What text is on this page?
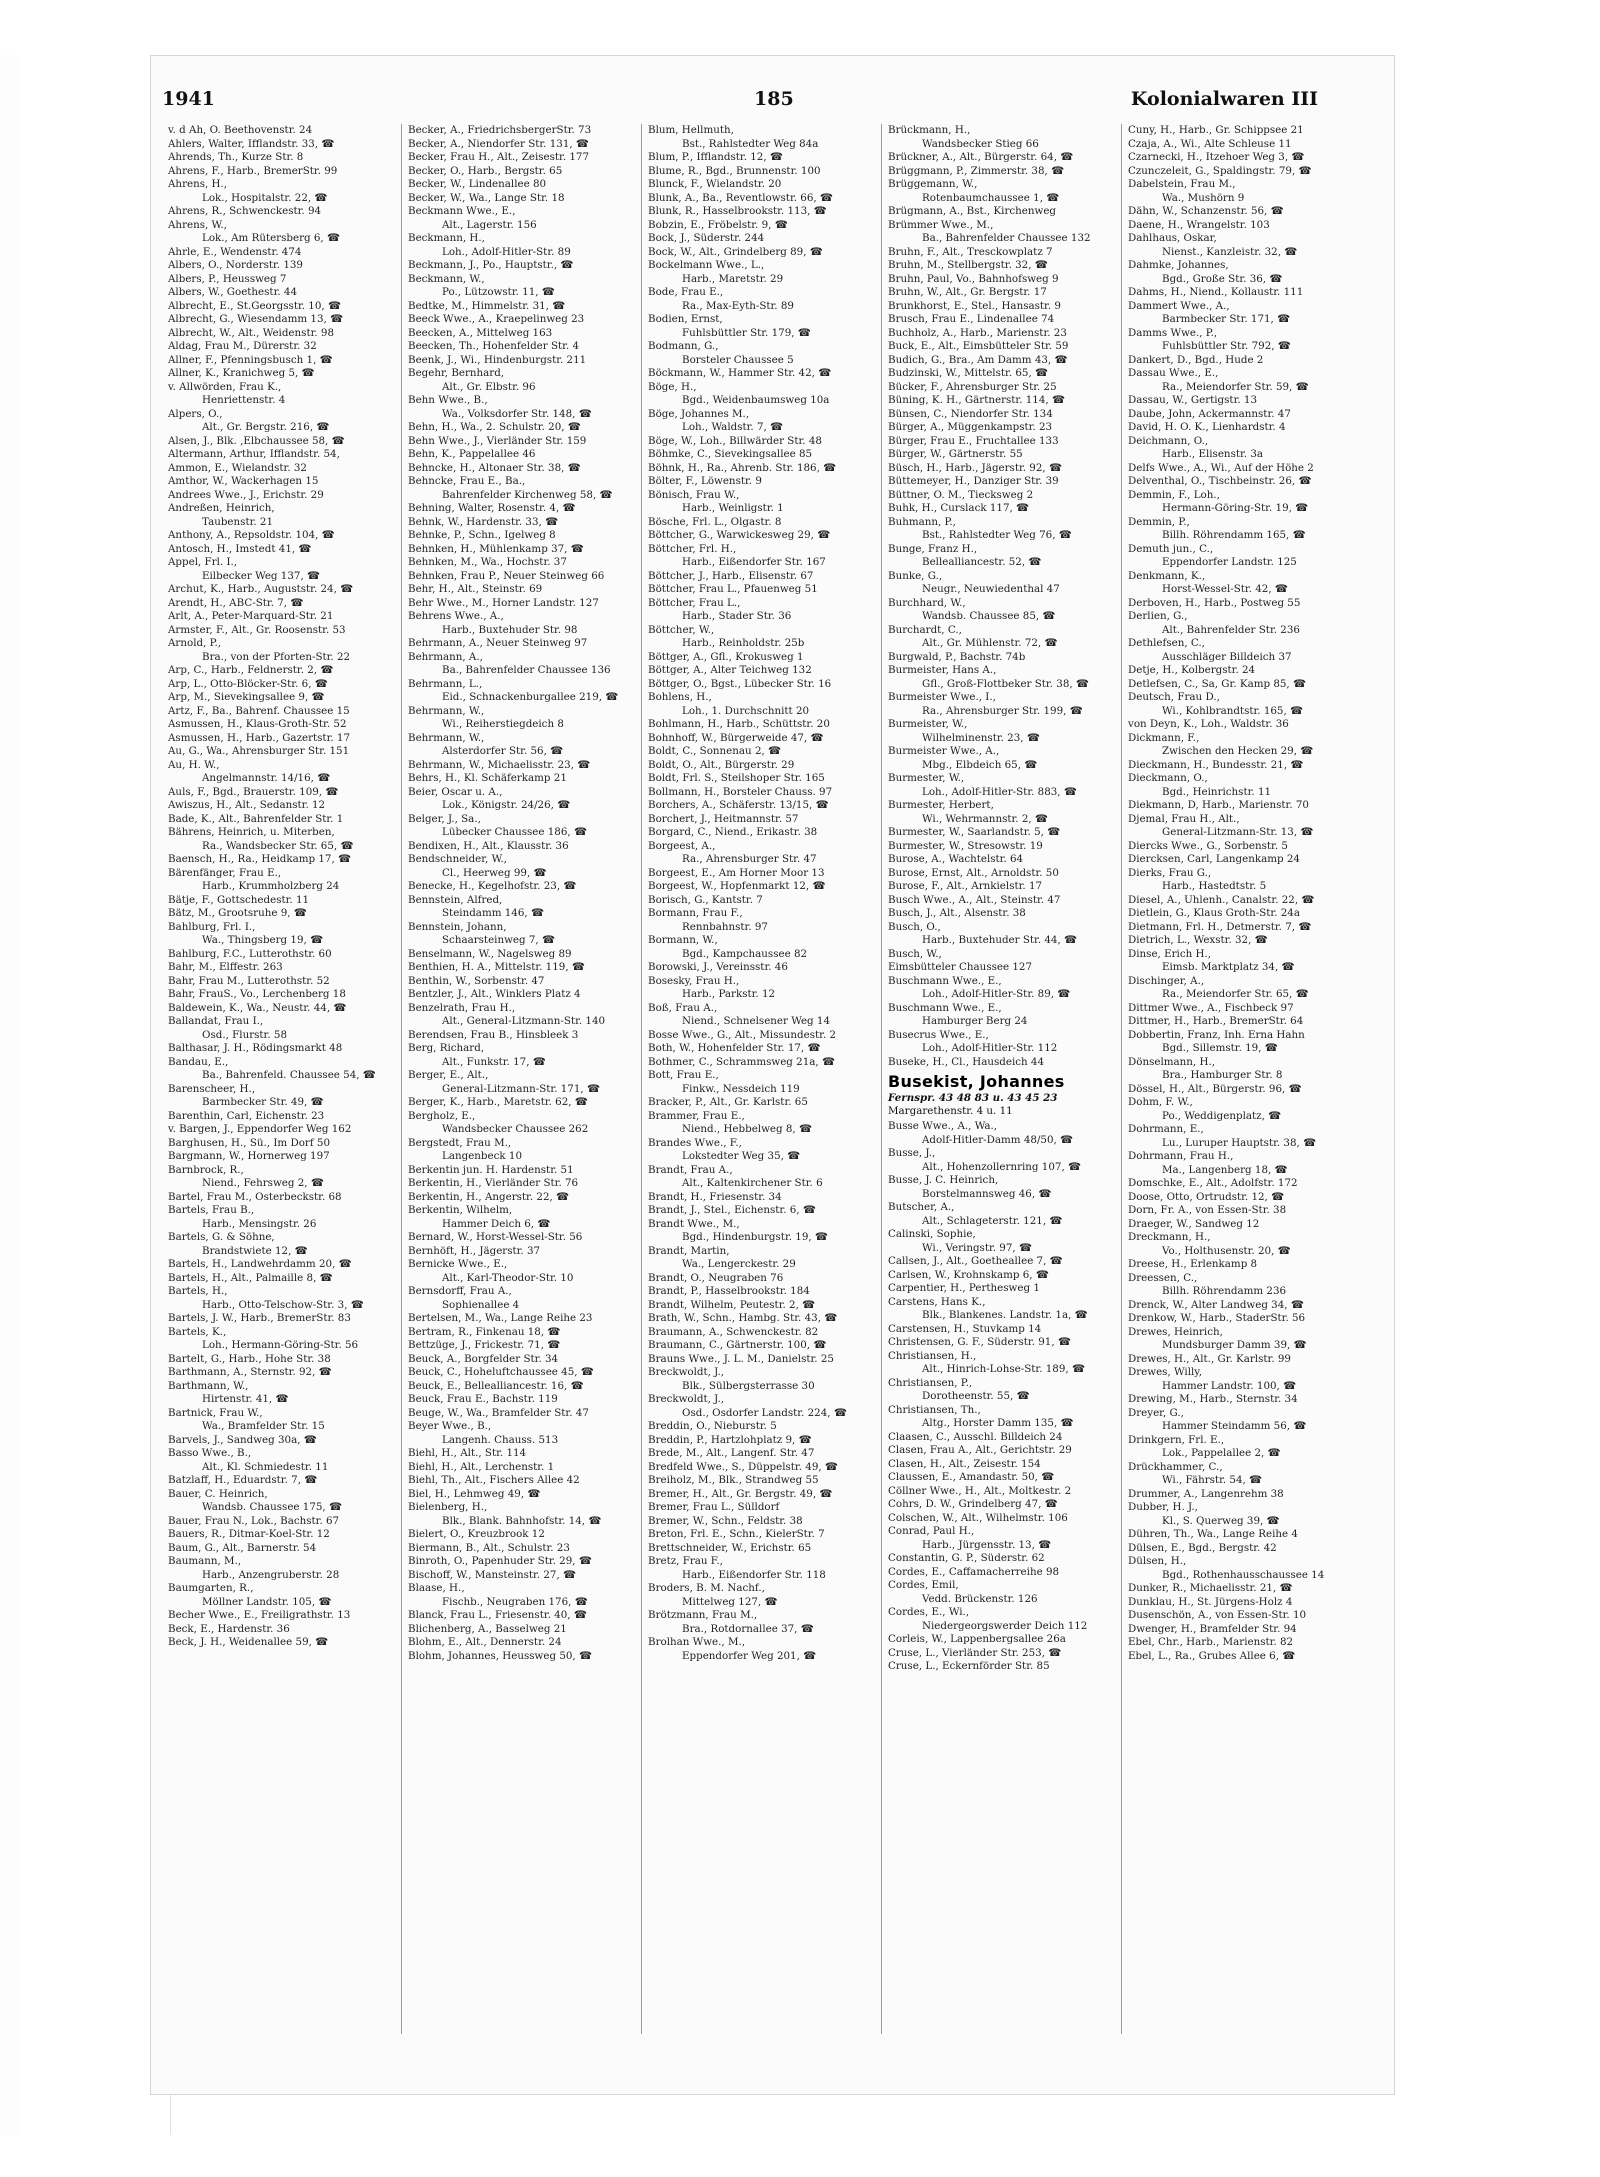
1941	185	Kolonialwaren III
v. d Ah, O. Beethovenstr. 24
Ahlers, Walter, Ifflandstr. 33, ☎
Ahrends, Th., Kurze Str. 8
Ahrens, F., Harb., BremerStr. 99
Ahrens, H.,
Lok., Hospitalstr. 22, ☎
Ahrens, R., Schwenckestr. 94
Ahrens, W.,
Lok., Am Rütersberg 6, ☎
Ahrle, E., Wendenstr. 474
Albers, O., Norderstr. 139
Albers, P., Heussweg 7
Albers, W., Goethestr. 44
Albrecht, E., St.Georgsstr. 10, ☎
Albrecht, G., Wiesendamm 13, ☎
Albrecht, W., Alt., Weidenstr. 98
Aldag, Frau M., Dürerstr. 32
Allner, F., Pfenningsbusch 1, ☎
Allner, K., Kranichweg 5, ☎
v. Allwörden, Frau K.,
Henriettenstr. 4
Alpers, O.,
Alt., Gr. Bergstr. 216, ☎
Alsen, J., Blk. ,Elbchaussee 58, ☎
Altermann, Arthur, Ifflandstr. 54,
Ammon, E., Wielandstr. 32
Amthor, W., Wackerhagen 15
Andrees Wwe., J., Erichstr. 29
Andreßen, Heinrich,
Taubenstr. 21
Anthony, A., Repsoldstr. 104, ☎
Antosch, H., Imstedt 41, ☎
Appel, Frl. I.,
Eilbecker Weg 137, ☎
Archut, K., Harb., Auguststr. 24, ☎
Arendt, H., ABC-Str. 7, ☎
Arlt, A., Peter-Marquard-Str. 21
Armster, F., Alt., Gr. Roosenstr. 53
Arnold, P.,
Bra., von der Pforten-Str. 22
Arp, C., Harb., Feldnerstr. 2, ☎
Arp, L., Otto-Blöcker-Str. 6, ☎
Arp, M., Sievekingsallee 9, ☎
Artz, F., Ba., Bahrenf. Chaussee 15
Asmussen, H., Klaus-Groth-Str. 52
Asmussen, H., Harb., Gazertstr. 17
Au, G., Wa., Ahrensburger Str. 151
Au, H. W.,
Angelmannstr. 14/16, ☎
Auls, F., Bgd., Brauerstr. 109, ☎
Awiszus, H., Alt., Sedanstr. 12
Bade, K., Alt., Bahrenfelder Str. 1
Bährens, Heinrich, u. Miterben,
Ra., Wandsbecker Str. 65, ☎
Baensch, H., Ra., Heidkamp 17, ☎
Bärenfänger, Frau E.,
Harb., Krummholzberg 24
Bätje, F., Gottschedestr. 11
Bätz, M., Grootsruhe 9, ☎
Bahlburg, Frl. I.,
Wa., Thingsberg 19, ☎
Bahlburg, F.C., Lutterothstr. 60
Bahr, M., Elffestr. 263
Bahr, Frau M., Lutterothstr. 52
Bahr, FrauS., Vo., Lerchenberg 18
Baldewein, K., Wa., Neustr. 44, ☎
Ballandat, Frau I.,
Osd., Flurstr. 58
Balthasar, J. H., Rödingsmarkt 48
Bandau, E.,
Ba., Bahrenfeld. Chaussee 54, ☎
Barenscheer, H.,
Barmbecker Str. 49, ☎
Barenthin, Carl, Eichenstr. 23
v. Bargen, J., Eppendorfer Weg 162
Barghusen, H., Sü., Im Dorf 50
Bargmann, W., Hornerweg 197
Barnbrock, R.,
Niend., Fehrsweg 2, ☎
Bartel, Frau M., Osterbeckstr. 68
Bartels, Frau B.,
Harb., Mensingstr. 26
Bartels, G. & Söhne,
Brandstwiete 12, ☎
Bartels, H., Landwehrdamm 20, ☎
Bartels, H., Alt., Palmaille 8, ☎
Bartels, H.,
Harb., Otto-Telschow-Str. 3, ☎
Bartels, J. W., Harb., BremerStr. 83
Bartels, K.,
Loh., Hermann-Göring-Str. 56
Bartelt, G., Harb., Hohe Str. 38
Barthmann, A., Sternstr. 92, ☎
Barthmann, W.,
Hirtenstr. 41, ☎
Bartnick, Frau W.,
Wa., Bramfelder Str. 15
Barvels, J., Sandweg 30a, ☎
Basso Wwe., B.,
Alt., Kl. Schmiedestr. 11
Batzlaff, H., Eduardstr. 7, ☎
Bauer, C. Heinrich,
Wandsb. Chaussee 175, ☎
Bauer, Frau N., Lok., Bachstr. 67
Bauers, R., Ditmar-Koel-Str. 12
Baum, G., Alt., Barnerstr. 54
Baumann, M.,
Harb., Anzengruberstr. 28
Baumgarten, R.,
Möllner Landstr. 105, ☎
Becher Wwe., E., Freiligrathstr. 13
Beck, E., Hardenstr. 36
Beck, J. H., Weidenallee 59, ☎
Becker, A., FriedrichsbergerStr. 73
Becker, A., Niendorfer Str. 131, ☎
Becker, Frau H., Alt., Zeisestr. 177
Becker, O., Harb., Bergstr. 65
Becker, W., Lindenallee 80
Becker, W., Wa., Lange Str. 18
Beckmann Wwe., E.,
Alt., Lagerstr. 156
Beckmann, H.,
Loh., Adolf-Hitler-Str. 89
Beckmann, J., Po., Hauptstr., ☎
Beckmann, W.,
Po., Lützowstr. 11, ☎
Bedtke, M., Himmelstr. 31, ☎
Beeck Wwe., A., Kraepelinweg 23
Beecken, A., Mittelweg 163
Beecken, Th., Hohenfelder Str. 4
Beenk, J., Wi., Hindenburgstr. 211
Begehr, Bernhard,
Alt., Gr. Elbstr. 96
Behn Wwe., B.,
Wa., Volksdorfer Str. 148, ☎
Behn, H., Wa., 2. Schulstr. 20, ☎
Behn Wwe., J., Vierländer Str. 159
Behn, K., Pappelallee 46
Behncke, H., Altonaer Str. 38, ☎
Behncke, Frau E., Ba.,
Bahrenfelder Kirchenweg 58, ☎
Behning, Walter, Rosenstr. 4, ☎
Behnk, W., Hardenstr. 33, ☎
Behnke, P., Schn., Igelweg 8
Behnken, H., Mühlenkamp 37, ☎
Behnken, M., Wa., Hochstr. 37
Behnken, Frau P., Neuer Steinweg 66
Behr, H., Alt., Steinstr. 69
Behr Wwe., M., Horner Landstr. 127
Behrens Wwe., A.,
Harb., Buxtehuder Str. 98
Behrmann, A., Neuer Steinweg 97
Behrmann, A.,
Ba., Bahrenfelder Chaussee 136
Behrmann, L.,
Eid., Schnackenburgallee 219, ☎
Behrmann, W.,
Wi., Reiherstiegdeich 8
Behrmann, W.,
Alsterdorfer Str. 56, ☎
Behrmann, W., Michaelisstr. 23, ☎
Behrs, H., Kl. Schäferkamp 21
Beier, Oscar u. A.,
Lok., Königstr. 24/26, ☎
Belger, J., Sa.,
Lübecker Chaussee 186, ☎
Bendixen, H., Alt., Klausstr. 36
Bendschneider, W.,
Cl., Heerweg 99, ☎
Benecke, H., Kegelhofstr. 23, ☎
Bennstein, Alfred,
Steindamm 146, ☎
Bennstein, Johann,
Schaarsteinweg 7, ☎
Benselmann, W., Nagelsweg 89
Benthien, H. A., Mittelstr. 119, ☎
Benthin, W., Sorbenstr. 47
Bentzler, J., Alt., Winklers Platz 4
Benzelrath, Frau H.,
Alt., General-Litzmann-Str. 140
Berendsen, Frau B., Hinsbleek 3
Berg, Richard,
Alt., Funkstr. 17, ☎
Berger, E., Alt.,
General-Litzmann-Str. 171, ☎
Berger, K., Harb., Maretstr. 62, ☎
Bergholz, E.,
Wandsbecker Chaussee 262
Bergstedt, Frau M.,
Langenbeck 10
Berkentin jun. H. Hardenstr. 51
Berkentin, H., Vierländer Str. 76
Berkentin, H., Angerstr. 22, ☎
Berkentin, Wilhelm,
Hammer Deich 6, ☎
Bernard, W., Horst-Wessel-Str. 56
Bernhöft, H., Jägerstr. 37
Bernicke Wwe., E.,
Alt., Karl-Theodor-Str. 10
Bernsdorff, Frau A.,
Sophienallee 4
Bertelsen, M., Wa., Lange Reihe 23
Bertram, R., Finkenau 18, ☎
Bettzüge, J., Frickestr. 71, ☎
Beuck, A., Borgfelder Str. 34
Beuck, C., Hoheluftchaussee 45, ☎
Beuck, E., Bellealliancestr. 16, ☎
Beuck, Frau E., Bachstr. 119
Beuge, W., Wa., Bramfelder Str. 47
Beyer Wwe., B.,
Langenh. Chauss. 513
Biehl, H., Alt., Str. 114
Biehl, H., Alt., Lerchenstr. 1
Biehl, Th., Alt., Fischers Allee 42
Biel, H., Lehmweg 49, ☎
Bielenberg, H.,
Blk., Blank. Bahnhofstr. 14, ☎
Bielert, O., Kreuzbrook 12
Biermann, B., Alt., Schulstr. 23
Binroth, O., Papenhuder Str. 29, ☎
Bischoff, W., Mansteinstr. 27, ☎
Blaase, H.,
Fischb., Neugraben 176, ☎
Blanck, Frau L., Friesenstr. 40, ☎
Blichenberg, A., Basselweg 21
Blohm, E., Alt., Dennerstr. 24
Blohm, Johannes, Heussweg 50, ☎
Blum, Hellmuth,
Bst., Rahlstedter Weg 84a
Blum, P., Ifflandstr. 12, ☎
Blume, R., Bgd., Brunnenstr. 100
Blunck, F., Wielandstr. 20
Blunk, A., Ba., Reventlowstr. 66, ☎
Blunk, R., Hasselbrookstr. 113, ☎
Bobzin, E., Fröbelstr. 9, ☎
Bock, J., Süderstr. 244
Bock, W., Alt., Grindelberg 89, ☎
Bockelmann Wwe., L.,
Harb., Maretstr. 29
Bode, Frau E.,
Ra., Max-Eyth-Str. 89
Bodien, Ernst,
Fuhlsbüttler Str. 179, ☎
Bodmann, G.,
Borsteler Chaussee 5
Böckmann, W., Hammer Str. 42, ☎
Böge, H.,
Bgd., Weidenbaumsweg 10a
Böge, Johannes M.,
Loh., Waldstr. 7, ☎
Böge, W., Loh., Billwärder Str. 48
Böhmke, C., Sievekingsallee 85
Böhnk, H., Ra., Ahrenb. Str. 186, ☎
Bölter, F., Löwenstr. 9
Bönisch, Frau W.,
Harb., Weinligstr. 1
Bösche, Frl. L., Olgastr. 8
Böttcher, G., Warwickesweg 29, ☎
Böttcher, Frl. H.,
Harb., Eißendorfer Str. 167
Böttcher, J., Harb., Elisenstr. 67
Böttcher, Frau L., Pfauenweg 51
Böttcher, Frau L.,
Harb., Stader Str. 36
Böttcher, W.,
Harb., Reinholdstr. 25b
Böttger, A., Gfl., Krokusweg 1
Böttger, A., Alter Teichweg 132
Böttger, O., Bgst., Lübecker Str. 16
Bohlens, H.,
Loh., 1. Durchschnitt 20
Bohlmann, H., Harb., Schüttstr. 20
Bohnhoff, W., Bürgerweide 47, ☎
Boldt, C., Sonnenau 2, ☎
Boldt, O., Alt., Bürgerstr. 29
Boldt, Frl. S., Steilshoper Str. 165
Bollmann, H., Borsteler Chauss. 97
Borchers, A., Schäferstr. 13/15, ☎
Borchert, J., Heitmannstr. 57
Borgard, C., Niend., Erikastr. 38
Borgeest, A.,
Ra., Ahrensburger Str. 47
Borgeest, E., Am Horner Moor 13
Borgeest, W., Hopfenmarkt 12, ☎
Borisch, G., Kantstr. 7
Bormann, Frau F.,
Rennbahnstr. 97
Bormann, W.,
Bgd., Kampchaussee 82
Borowski, J., Vereinsstr. 46
Bosesky, Frau H.,
Harb., Parkstr. 12
Boß, Frau A.,
Niend., Schnelsener Weg 14
Bosse Wwe., G., Alt., Missundestr. 2
Both, W., Hohenfelder Str. 17, ☎
Bothmer, C., Schrammsweg 21a, ☎
Bott, Frau E.,
Finkw., Nessdeich 119
Bracker, P., Alt., Gr. Karlstr. 65
Brammer, Frau E.,
Niend., Hebbelweg 8, ☎
Brandes Wwe., F.,
Lokstedter Weg 35, ☎
Brandt, Frau A.,
Alt., Kaltenkirchener Str. 6
Brandt, H., Friesenstr. 34
Brandt, J., Stel., Eichenstr. 6, ☎
Brandt Wwe., M.,
Bgd., Hindenburgstr. 19, ☎
Brandt, Martin,
Wa., Lengerckestr. 29
Brandt, O., Neugraben 76
Brandt, P., Hasselbrookstr. 184
Brandt, Wilhelm, Peutestr. 2, ☎
Brath, W., Schn., Hambg. Str. 43, ☎
Braumann, A., Schwenckestr. 82
Braumann, C., Gärtnerstr. 100, ☎
Brauns Wwe., J. L. M., Danielstr. 25
Breckwoldt, J.,
Blk., Sülbergsterrasse 30
Breckwoldt, J.,
Osd., Osdorfer Landstr. 224, ☎
Breddin, O., Nieburstr. 5
Breddin, P., Hartzlohplatz 9, ☎
Brede, M., Alt., Langenf. Str. 47
Bredfeld Wwe., S., Düppelstr. 49, ☎
Breiholz, M., Blk., Strandweg 55
Bremer, H., Alt., Gr. Bergstr. 49, ☎
Bremer, Frau L., Sülldorf
Bremer, W., Schn., Feldstr. 38
Breton, Frl. E., Schn., KielerStr. 7
Brettschneider, W., Erichstr. 65
Bretz, Frau F.,
Harb., Eißendorfer Str. 118
Broders, B. M. Nachf.,
Mittelweg 127, ☎
Brötzmann, Frau M.,
Bra., Rotdornallee 37, ☎
Brolhan Wwe., M.,
Eppendorfer Weg 201, ☎
Brückmann, H.,
Wandsbecker Stieg 66
Brückner, A., Alt., Bürgerstr. 64, ☎
Brüggmann, P., Zimmerstr. 38, ☎
Brüggemann, W.,
Rotenbaumchaussee 1, ☎
Brügmann, A., Bst., Kirchenweg
Brümmer Wwe., M.,
Ba., Bahrenfelder Chaussee 132
Bruhn, F., Alt., Tresckowplatz 7
Bruhn, M., Stellbergstr. 32, ☎
Bruhn, Paul, Vo., Bahnhofsweg 9
Bruhn, W., Alt., Gr. Bergstr. 17
Brunkhorst, E., Stel., Hansastr. 9
Brusch, Frau E., Lindenallee 74
Buchholz, A., Harb., Marienstr. 23
Buck, E., Alt., Eimsbütteler Str. 59
Budich, G., Bra., Am Damm 43, ☎
Budzinski, W., Mittelstr. 65, ☎
Bücker, F., Ahrensburger Str. 25
Büning, K. H., Gärtnerstr. 114, ☎
Bünsen, C., Niendorfer Str. 134
Bürger, A., Müggenkampstr. 23
Bürger, Frau E., Fruchtallee 133
Bürger, W., Gärtnerstr. 55
Büsch, H., Harb., Jägerstr. 92, ☎
Büttemeyer, H., Danziger Str. 39
Büttner, O. M., Tiecksweg 2
Buhk, H., Curslack 117, ☎
Buhmann, P.,
Bst., Rahlstedter Weg 76, ☎
Bunge, Franz H.,
Bellealliancestr. 52, ☎
Bunke, G.,
Neugr., Neuwiedenthal 47
Burchhard, W.,
Wandsb. Chaussee 85, ☎
Burchardt, C.,
Alt., Gr. Mühlenstr. 72, ☎
Burgwald, P., Bachstr. 74b
Burmeister, Hans A.,
Gfl., Groß-Flottbeker Str. 38, ☎
Burmeister Wwe., I.,
Ra., Ahrensburger Str. 199, ☎
Burmeister, W.,
Wilhelminenstr. 23, ☎
Burmeister Wwe., A.,
Mbg., Elbdeich 65, ☎
Burmester, W.,
Loh., Adolf-Hitler-Str. 883, ☎
Burmester, Herbert,
Wi., Wehrmannstr. 2, ☎
Burmester, W., Saarlandstr. 5, ☎
Burmester, W., Stresowstr. 19
Burose, A., Wachtelstr. 64
Burose, Ernst, Alt., Arnoldstr. 50
Burose, F., Alt., Arnkielstr. 17
Busch Wwe., A., Alt., Steinstr. 47
Busch, J., Alt., Alsenstr. 38
Busch, O.,
Harb., Buxtehuder Str. 44, ☎
Busch, W.,
Eimsbütteler Chaussee 127
Buschmann Wwe., E.,
Loh., Adolf-Hitler-Str. 89, ☎
Buschmann Wwe., E.,
Hamburger Berg 24
Busecrus Wwe., E.,
Loh., Adolf-Hitler-Str. 112
Buseke, H., Cl., Hausdeich 44
Busekist, Johannes
Fernspr. 43 48 83 u. 43 45 23
Margarethenstr. 4 u. 11
Busse Wwe., A., Wa.,
Adolf-Hitler-Damm 48/50, ☎
Busse, J.,
Alt., Hohenzollernring 107, ☎
Busse, J. C. Heinrich,
Borstelmannsweg 46, ☎
Butscher, A.,
Alt., Schlageterstr. 121, ☎
Calinski, Sophie,
Wi., Veringstr. 97, ☎
Callsen, J., Alt., Goetheallee 7, ☎
Carlsen, W., Krohnskamp 6, ☎
Carpentier, H., Perthesweg 1
Carstens, Hans K.,
Blk., Blankenes. Landstr. 1a, ☎
Carstensen, H., Stuvkamp 14
Christensen, G. F., Süderstr. 91, ☎
Christiansen, H.,
Alt., Hinrich-Lohse-Str. 189, ☎
Christiansen, P.,
Dorotheenstr. 55, ☎
Christiansen, Th.,
Altg., Horster Damm 135, ☎
Claasen, C., Ausschl. Billdeich 24
Clasen, Frau A., Alt., Gerichtstr. 29
Clasen, H., Alt., Zeisestr. 154
Claussen, E., Amandastr. 50, ☎
Cöllner Wwe., H., Alt., Moltkestr. 2
Cohrs, D. W., Grindelberg 47, ☎
Colschen, W., Alt., Wilhelmstr. 106
Conrad, Paul H.,
Harb., Jürgensstr. 13, ☎
Constantin, G. P., Süderstr. 62
Cordes, E., Caffamacherreihe 98
Cordes, Emil,
Vedd. Brückenstr. 126
Cordes, E., Wi.,
Niedergeorgswerder Deich 112
Corleis, W., Lappenbergsallee 26a
Cruse, L., Vierländer Str. 253, ☎
Cruse, L., Eckernförder Str. 85
Cuny, H., Harb., Gr. Schippsee 21
Czaja, A., Wi., Alte Schleuse 11
Czarnecki, H., Itzehoer Weg 3, ☎
Czunczeleit, G., Spaldingstr. 79, ☎
Dabelstein, Frau M.,
Wa., Mushörn 9
Dähn, W., Schanzenstr. 56, ☎
Daene, H., Wrangelstr. 103
Dahlhaus, Oskar,
Nienst., Kanzleistr. 32, ☎
Dahmke, Johannes,
Bgd., Große Str. 36, ☎
Dahms, H., Niend., Kollaustr. 111
Dammert Wwe., A.,
Barmbecker Str. 171, ☎
Damms Wwe., P.,
Fuhlsbüttler Str. 792, ☎
Dankert, D., Bgd., Hude 2
Dassau Wwe., E.,
Ra., Meiendorfer Str. 59, ☎
Dassau, W., Gertigstr. 13
Daube, John, Ackermannstr. 47
David, H. O. K., Lienhardstr. 4
Deichmann, O.,
Harb., Elisenstr. 3a
Delfs Wwe., A., Wi., Auf der Höhe 2
Delventhal, O., Tischbeinstr. 26, ☎
Demmin, F., Loh.,
Hermann-Göring-Str. 19, ☎
Demmin, P.,
Billh. Röhrendamm 165, ☎
Demuth jun., C.,
Eppendorfer Landstr. 125
Denkmann, K.,
Horst-Wessel-Str. 42, ☎
Derboven, H., Harb., Postweg 55
Derlien, G.,
Alt., Bahrenfelder Str. 236
Dethlefsen, C.,
Ausschläger Billdeich 37
Detje, H., Kolbergstr. 24
Detlefsen, C., Sa, Gr. Kamp 85, ☎
Deutsch, Frau D.,
Wi., Kohlbrandtstr. 165, ☎
von Deyn, K., Loh., Waldstr. 36
Dickmann, F.,
Zwischen den Hecken 29, ☎
Dieckmann, H., Bundesstr. 21, ☎
Dieckmann, O.,
Bgd., Heinrichstr. 11
Diekmann, D, Harb., Marienstr. 70
Djemal, Frau H., Alt.,
General-Litzmann-Str. 13, ☎
Diercks Wwe., G., Sorbenstr. 5
Diercksen, Carl, Langenkamp 24
Dierks, Frau G.,
Harb., Hastedtstr. 5
Diesel, A., Uhlenh., Canalstr. 22, ☎
Dietlein, G., Klaus Groth-Str. 24a
Dietmann, Frl. H., Detmerstr. 7, ☎
Dietrich, L., Wexstr. 32, ☎
Dinse, Erich H.,
Eimsb. Marktplatz 34, ☎
Dischinger, A.,
Ra., Meiendorfer Str. 65, ☎
Dittmer Wwe., A., Fischbeck 97
Dittmer, H., Harb., BremerStr. 64
Dobbertin, Franz, Inh. Erna Hahn
Bgd., Sillemstr. 19, ☎
Dönselmann, H.,
Bra., Hamburger Str. 8
Dössel, H., Alt., Bürgerstr. 96, ☎
Dohm, F. W.,
Po., Weddigenplatz, ☎
Dohrmann, E.,
Lu., Luruper Hauptstr. 38, ☎
Dohrmann, Frau H.,
Ma., Langenberg 18, ☎
Domschke, E., Alt., Adolfstr. 172
Doose, Otto, Ortrudstr. 12, ☎
Dorn, Fr. A., von Essen-Str. 38
Draeger, W., Sandweg 12
Dreckmann, H.,
Vo., Holthusenstr. 20, ☎
Dreese, H., Erlenkamp 8
Dreessen, C.,
Billh. Röhrendamm 236
Drenck, W., Alter Landweg 34, ☎
Drenkow, W., Harb., StaderStr. 56
Drewes, Heinrich,
Mundsburger Damm 39, ☎
Drewes, H., Alt., Gr. Karlstr. 99
Drewes, Willy,
Hammer Landstr. 100, ☎
Drewing, M., Harb., Sternstr. 34
Dreyer, G.,
Hammer Steindamm 56, ☎
Drinkgern, Frl. E.,
Lok., Pappelallee 2, ☎
Drückhammer, C.,
Wi., Fährstr. 54, ☎
Drummer, A., Langenrehm 38
Dubber, H. J.,
Kl., S. Querweg 39, ☎
Dühren, Th., Wa., Lange Reihe 4
Dülsen, E., Bgd., Bergstr. 42
Dülsen, H.,
Bgd., Rothenhausschaussee 14
Dunker, R., Michaelisstr. 21, ☎
Dunklau, H., St. Jürgens-Holz 4
Dusenschön, A., von Essen-Str. 10
Dwenger, H., Bramfelder Str. 94
Ebel, Chr., Harb., Marienstr. 82
Ebel, L., Ra., Grubes Allee 6, ☎
